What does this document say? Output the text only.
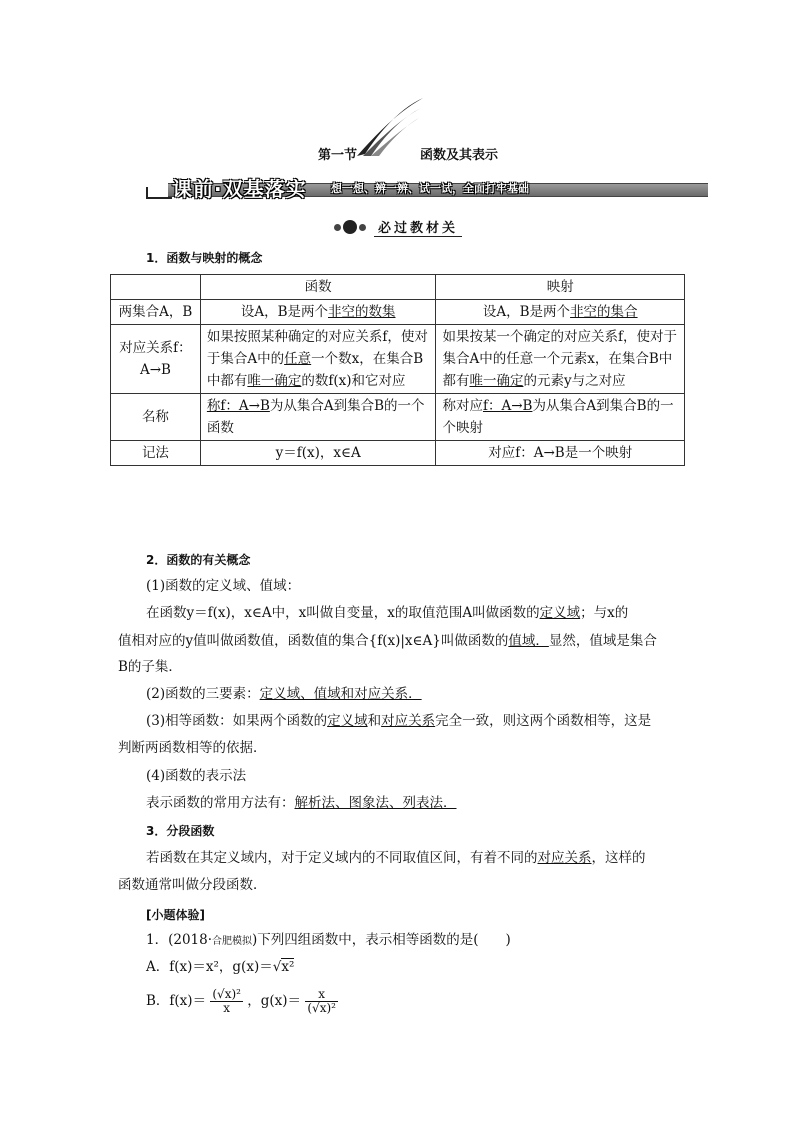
第一节	函数及其表示
课前·双基落实 想一想、辨一辨、试一试，全面打牢基础
必过教材关
1．函数与映射的概念
	函数	映射
两集合A，B	设A，B是两个非空的数集	设A，B是两个非空的集合
对应关系f：
A→B	如果按照某种确定的对应关系f，使对于集合A中的任意一个数x，在集合B中都有唯一确定的数f(x)和它对应	如果按某一个确定的对应关系f，使对于集合A中的任意一个元素x，在集合B中都有唯一确定的元素y与之对应
名称	称f：A→B为从集合A到集合B的一个函数	称对应f：A→B为从集合A到集合B的一个映射
记法	y＝f(x)，x∈A	对应f：A→B是一个映射
2．函数的有关概念
(1)函数的定义域、值域：
在函数y＝f(x)，x∈A中，x叫做自变量，x的取值范围A叫做函数的定义域；与x的
值相对应的y值叫做函数值，函数值的集合{f(x)|x∈A}叫做函数的值域．显然，值域是集合
B的子集．
(2)函数的三要素：定义域、值域和对应关系．
(3)相等函数：如果两个函数的定义域和对应关系完全一致，则这两个函数相等，这是
判断两函数相等的依据．
(4)函数的表示法
表示函数的常用方法有：解析法、图象法、列表法．
3．分段函数
若函数在其定义域内，对于定义域内的不同取值区间，有着不同的对应关系，这样的
函数通常叫做分段函数．
[小题体验]
1．(2018·合肥模拟)下列四组函数中，表示相等函数的是(　　)
A．f(x)＝x²，g(x)＝√x²
B．$f(x)= \frac{\text{(√x)²}}{x}$ ，$g(x)= \frac{x}{\text{(√x)²}}$
